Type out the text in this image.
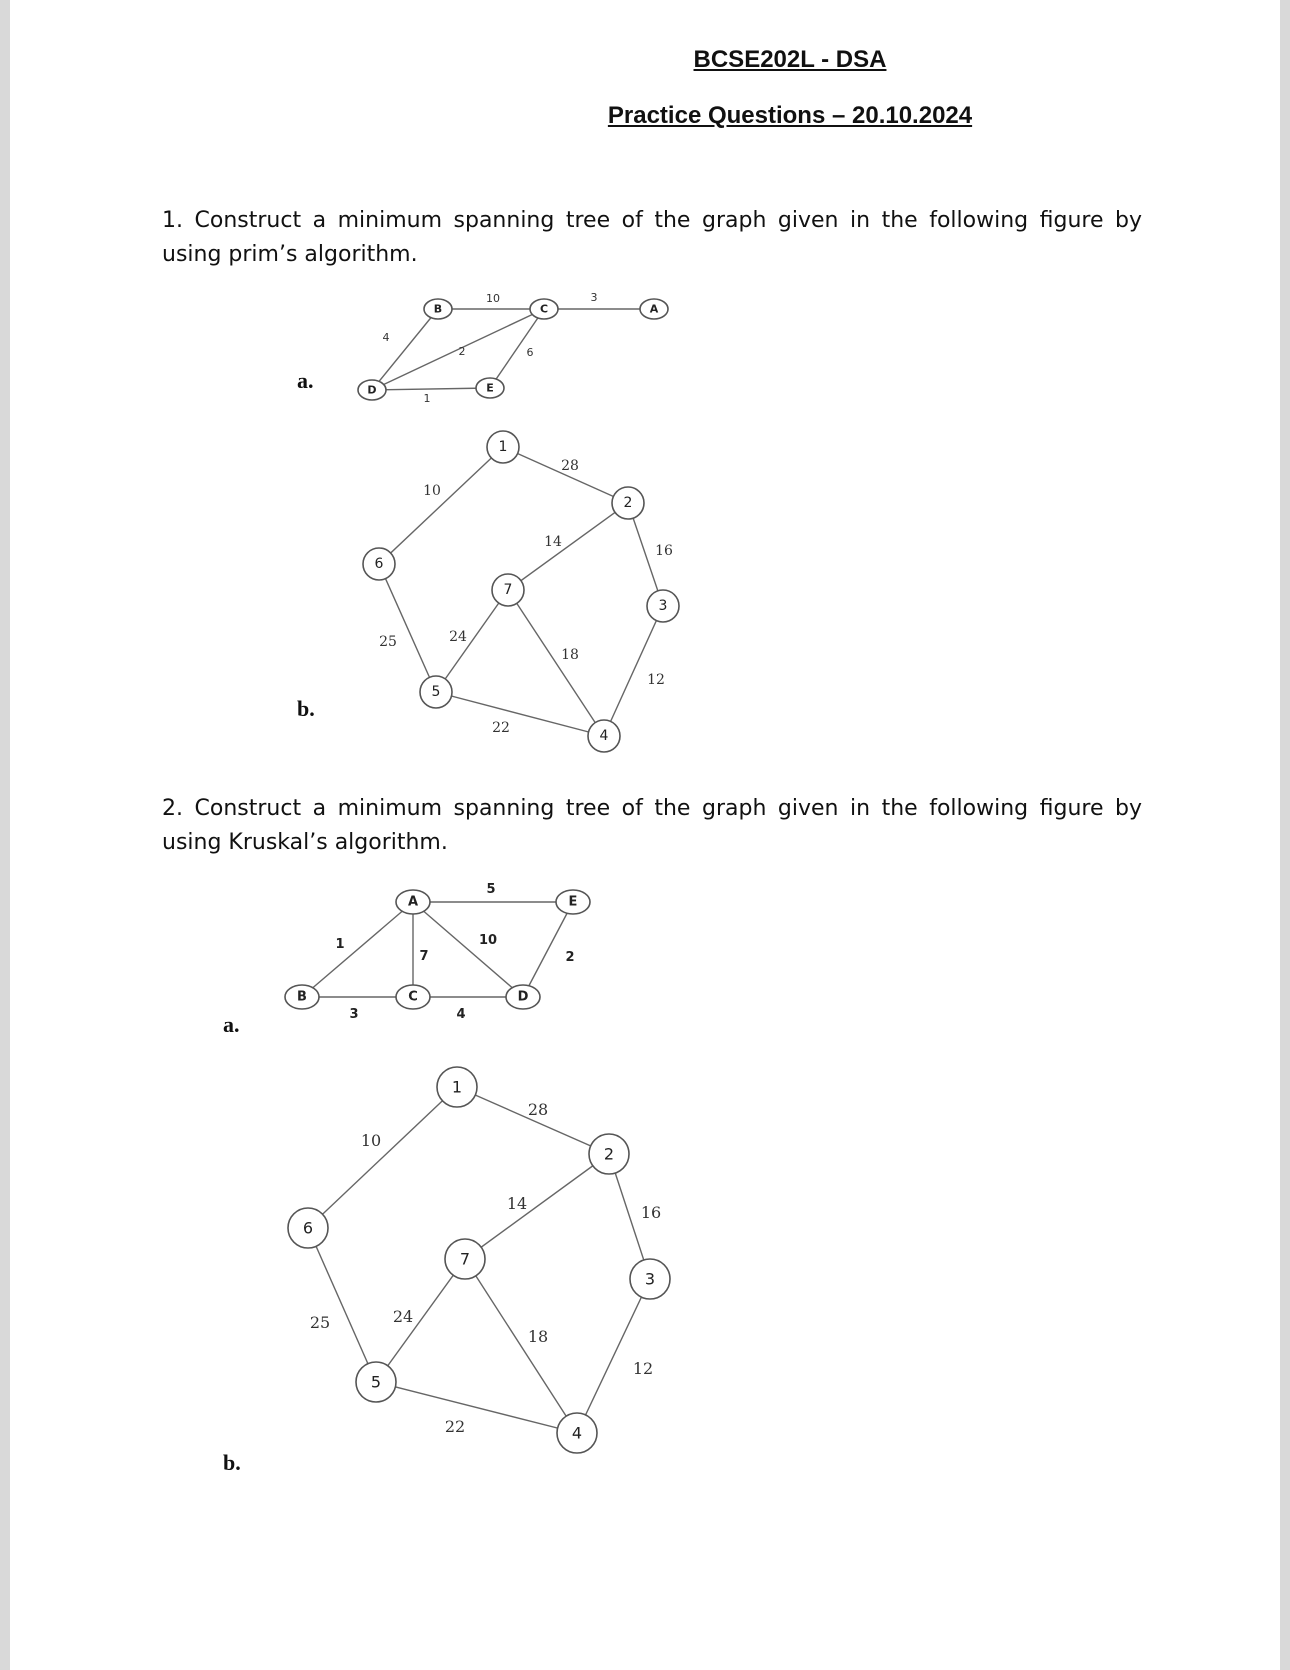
BCSE202L - DSA
Practice Questions – 20.10.2024

1. Construct a minimum spanning tree of the graph given in the following figure by using prim’s algorithm.

2. Construct a minimum spanning tree of the graph given in the following figure by using Kruskal’s algorithm.

a.
b.
a.
b.
10	3
4
2	6
1
A
B	C
D	E
28
10
14
16
25	24
18
12
22
1
2
3
4
5
6
7
5
1
7
10
2
3	4
A
B	C	D
E
28
10
14	16
25	24
18
12
22
1
2
3
4
5
6
7
